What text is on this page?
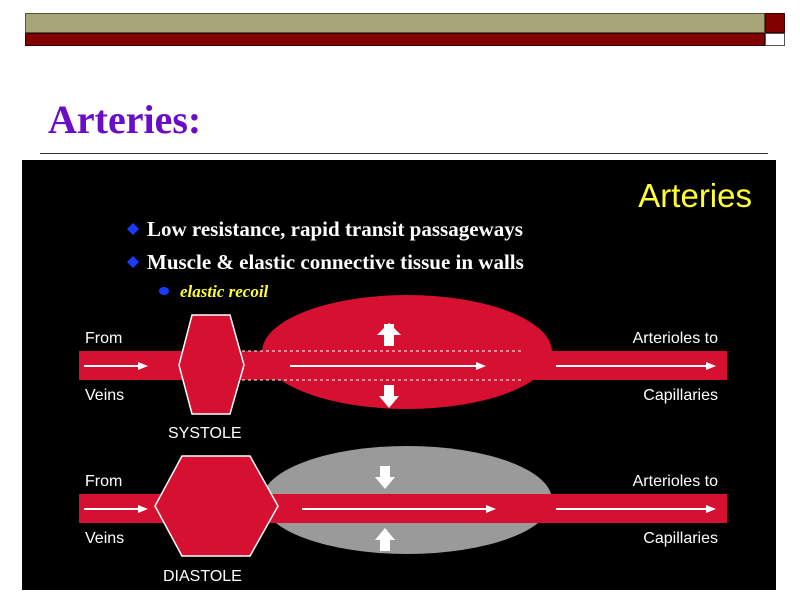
Arteries:
Arteries
Low resistance, rapid transit passageways
Muscle & elastic connective tissue in walls
elastic recoil
From
Veins
Arterioles to
Capillaries
SYSTOLE
From
Veins
Arterioles to
Capillaries
DIASTOLE
